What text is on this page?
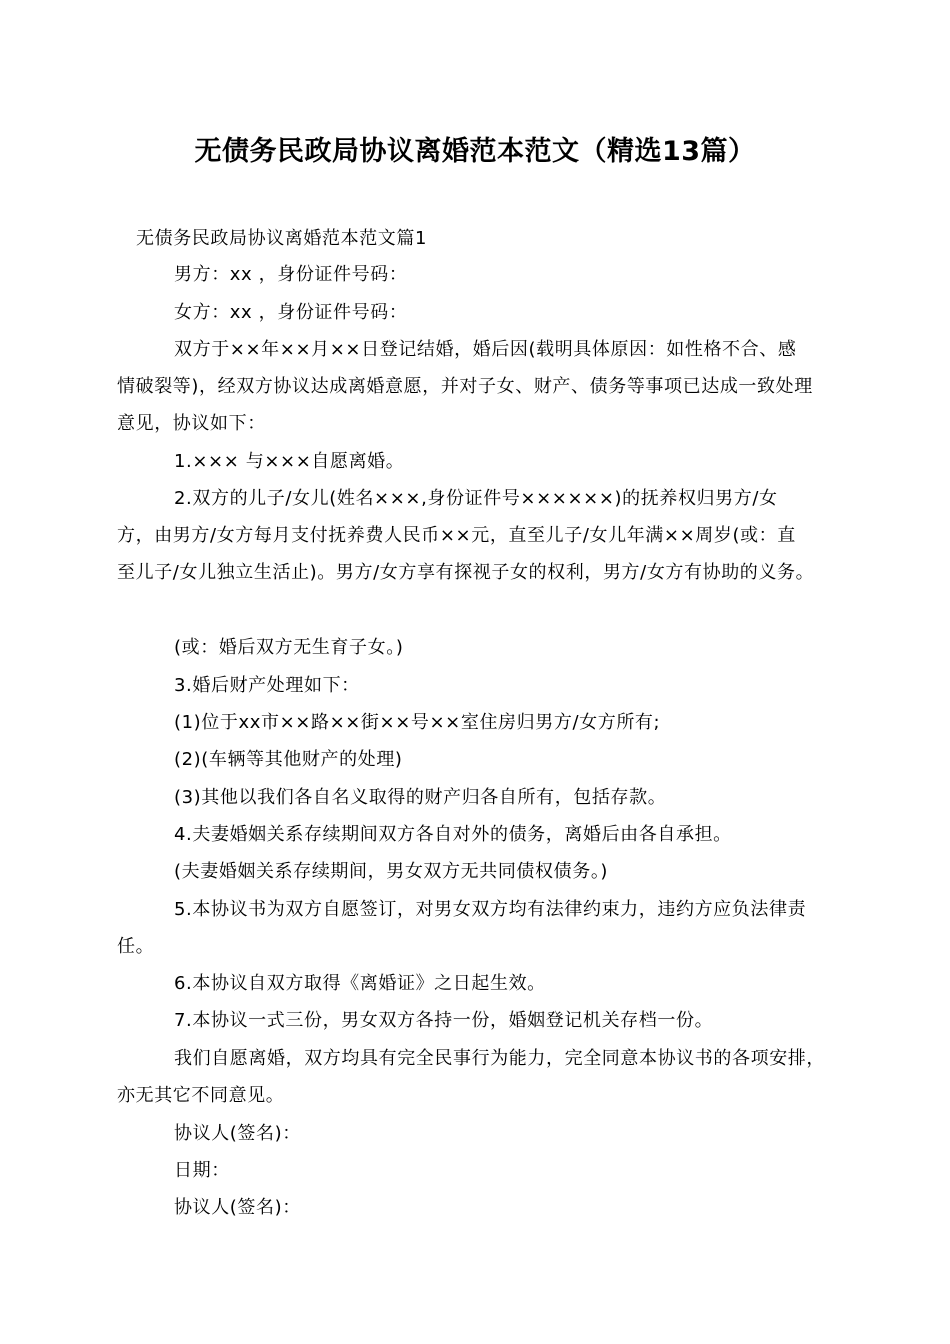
无债务民政局协议离婚范本范文（精选13篇）
无债务民政局协议离婚范本范文篇1
男方：xx ，身份证件号码：
女方：xx ，身份证件号码：
双方于××年××月××日登记结婚，婚后因(载明具体原因：如性格不合、感
情破裂等)，经双方协议达成离婚意愿，并对子女、财产、债务等事项已达成一致处理
意见，协议如下：
1.××× 与×××自愿离婚。
2.双方的儿子/女儿(姓名×××,身份证件号××××××)的抚养权归男方/女
方，由男方/女方每月支付抚养费人民币××元，直至儿子/女儿年满××周岁(或：直
至儿子/女儿独立生活止)。男方/女方享有探视子女的权利，男方/女方有协助的义务。
(或：婚后双方无生育子女。)
3.婚后财产处理如下：
(1)位于xx市××路××街××号××室住房归男方/女方所有;
(2)(车辆等其他财产的处理)
(3)其他以我们各自名义取得的财产归各自所有，包括存款。
4.夫妻婚姻关系存续期间双方各自对外的债务，离婚后由各自承担。
(夫妻婚姻关系存续期间，男女双方无共同债权债务。)
5.本协议书为双方自愿签订，对男女双方均有法律约束力，违约方应负法律责
任。
6.本协议自双方取得《离婚证》之日起生效。
7.本协议一式三份，男女双方各持一份，婚姻登记机关存档一份。
我们自愿离婚，双方均具有完全民事行为能力，完全同意本协议书的各项安排，
亦无其它不同意见。
协议人(签名)：
日期：
协议人(签名)：
